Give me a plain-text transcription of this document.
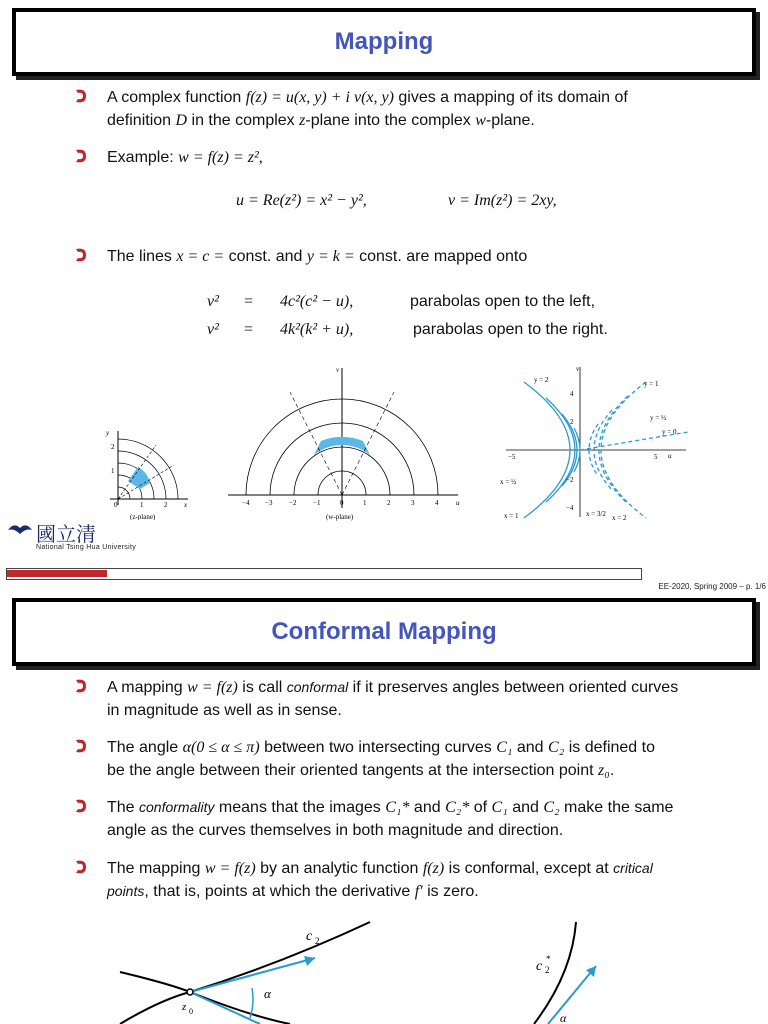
Mapping
A complex function f(z) = u(x, y) + i v(x, y) gives a mapping of its domain of
definition D in the complex z-plane into the complex w-plane.
Example: w = f(z) = z²,
u = Re(z²) = x² − y²,	v = Im(z²) = 2xy,
The lines x = c = const. and y = k = const. are mapped onto
v² = 4c²(c² − u),	parabolas open to the left,
v² = 4k²(k² + u),	parabolas open to the right.
y
2
1
0	1	2 x
(z-plane)
v
−4 −3 −2 −1	0	1	2	3	4	u
(w-plane)
v
4
2
−2
−4
−5	5 u
y = 2	y = 1
y = ½
y = 0
x = ½
x = 1	x = 3/2 x = 2
國立清
National Tsing Hua University
EE-2020, Spring 2009 – p. 1/6
Conformal Mapping
A mapping w = f(z) is call conformal if it preserves angles between oriented curves
in magnitude as well as in sense.
The angle α(0 ≤ α ≤ π) between two intersecting curves C₁ and C₂ is defined to
be the angle between their oriented tangents at the intersection point z₀.
The conformality means that the images C₁* and C₂* of C₁ and C₂ make the same
angle as the curves themselves in both magnitude and direction.
The mapping w = f(z) by an analytic function f(z) is conformal, except at critical
points, that is, points at which the derivative f′ is zero.
c 2
α
z 0
c 2
*
α
